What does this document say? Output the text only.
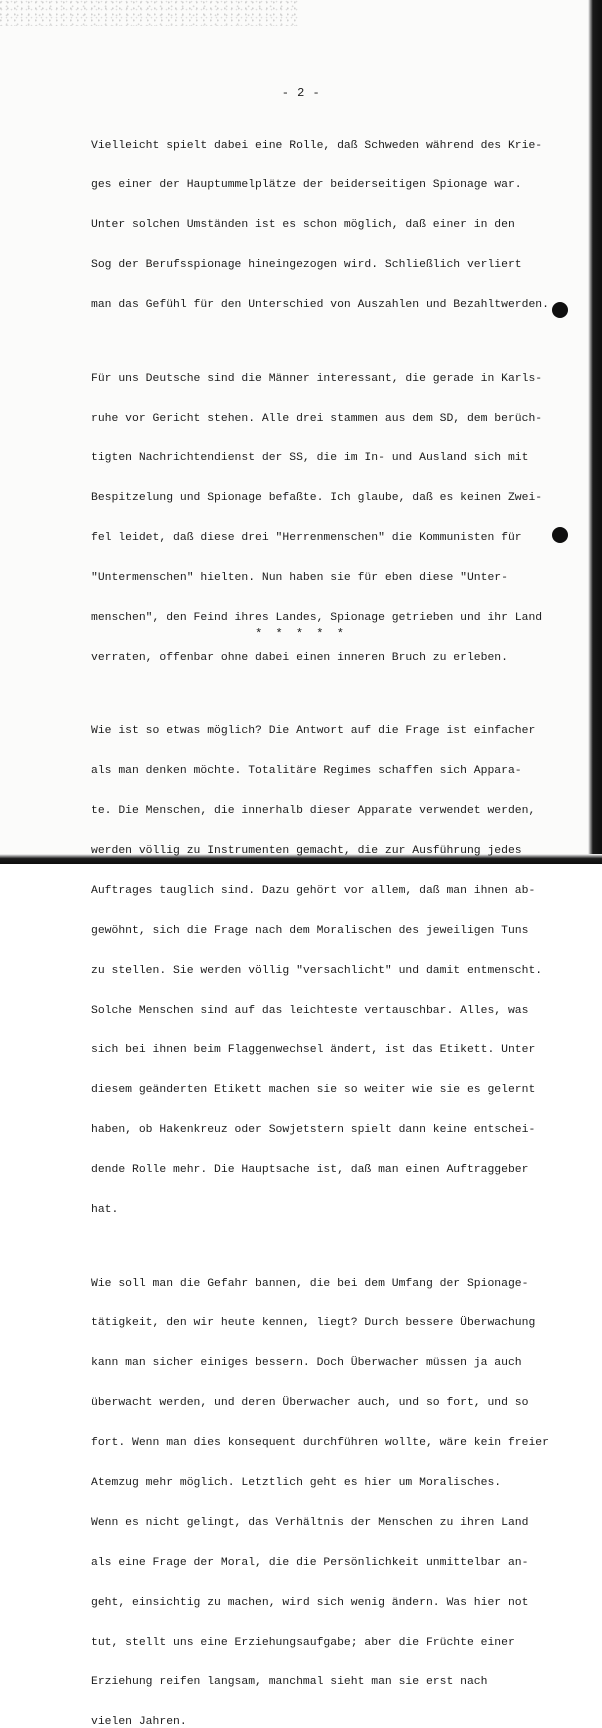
- 2 -

Vielleicht spielt dabei eine Rolle, daß Schweden während des Krie-

ges einer der Hauptummelplätze der beiderseitigen Spionage war.

Unter solchen Umständen ist es schon möglich, daß einer in den

Sog der Berufsspionage hineingezogen wird. Schließlich verliert

man das Gefühl für den Unterschied von Auszahlen und Bezahltwerden.

Für uns Deutsche sind die Männer interessant, die gerade in Karls-

ruhe vor Gericht stehen. Alle drei stammen aus dem SD, dem berüch-

tigten Nachrichtendienst der SS, die im In- und Ausland sich mit

Bespitzelung und Spionage befaßte. Ich glaube, daß es keinen Zwei-

fel leidet, daß diese drei "Herrenmenschen" die Kommunisten für

"Untermenschen" hielten. Nun haben sie für eben diese "Unter-

menschen", den Feind ihres Landes, Spionage getrieben und ihr Land

verraten, offenbar ohne dabei einen inneren Bruch zu erleben.

Wie ist so etwas möglich? Die Antwort auf die Frage ist einfacher

als man denken möchte. Totalitäre Regimes schaffen sich Appara-

te. Die Menschen, die innerhalb dieser Apparate verwendet werden,

werden völlig zu Instrumenten gemacht, die zur Ausführung jedes

Auftrages tauglich sind. Dazu gehört vor allem, daß man ihnen ab-

gewöhnt, sich die Frage nach dem Moralischen des jeweiligen Tuns

zu stellen. Sie werden völlig "versachlicht" und damit entmenscht.

Solche Menschen sind auf das leichteste vertauschbar. Alles, was

sich bei ihnen beim Flaggenwechsel ändert, ist das Etikett. Unter

diesem geänderten Etikett machen sie so weiter wie sie es gelernt

haben, ob Hakenkreuz oder Sowjetstern spielt dann keine entschei-

dende Rolle mehr. Die Hauptsache ist, daß man einen Auftraggeber

hat.

Wie soll man die Gefahr bannen, die bei dem Umfang der Spionage-

tätigkeit, den wir heute kennen, liegt? Durch bessere Überwachung

kann man sicher einiges bessern. Doch Überwacher müssen ja auch

überwacht werden, und deren Überwacher auch, und so fort, und so

fort. Wenn man dies konsequent durchführen wollte, wäre kein freier

Atemzug mehr möglich. Letztlich geht es hier um Moralisches.

Wenn es nicht gelingt, das Verhältnis der Menschen zu ihren Land

als eine Frage der Moral, die die Persönlichkeit unmittelbar an-

geht, einsichtig zu machen, wird sich wenig ändern. Was hier not

tut, stellt uns eine Erziehungsaufgabe; aber die Früchte einer

Erziehung reifen langsam, manchmal sieht man sie erst nach

vielen Jahren.

* * * * *
